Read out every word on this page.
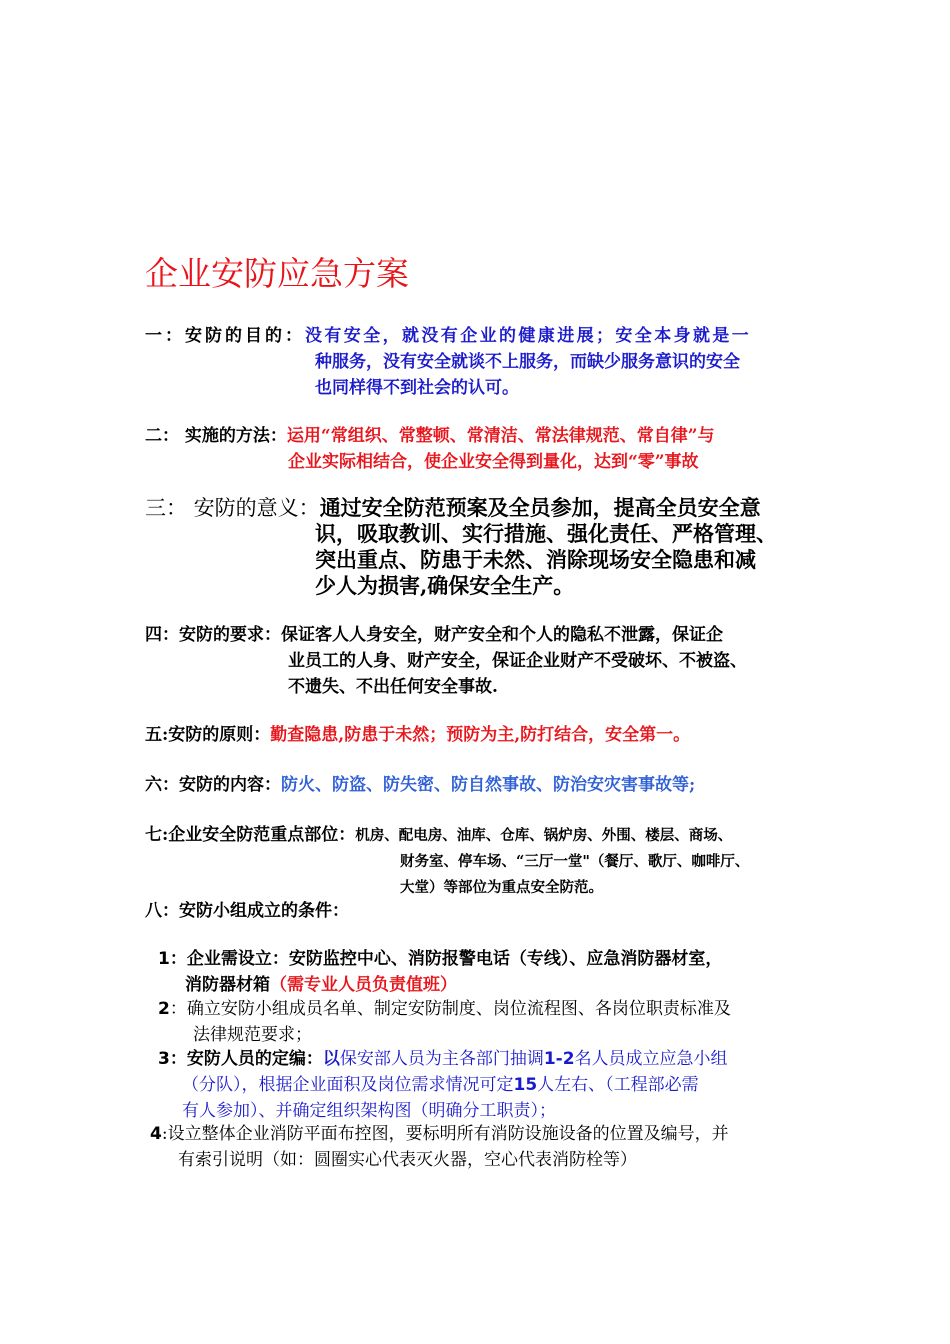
企业安防应急方案
一：安防的目的：没有安全，就没有企业的健康进展；安全本身就是一
种服务，没有安全就谈不上服务，而缺少服务意识的安全
也同样得不到社会的认可。
二： 实施的方法：运用“常组织、常整顿、常清洁、常法律规范、常自律”与
企业实际相结合，使企业安全得到量化，达到“零”事故
三： 安防的意义：通过安全防范预案及全员参加，提高全员安全意
识，吸取教训、实行措施、强化责任、严格管理、
突出重点、防患于未然、消除现场安全隐患和减
少人为损害,确保安全生产。
四：安防的要求：保证客人人身安全，财产安全和个人的隐私不泄露，保证企
业员工的人身、财产安全，保证企业财产不受破坏、不被盗、
不遗失、不出任何安全事故.
五:安防的原则：勤查隐患,防患于未然；预防为主,防打结合，安全第一。
六：安防的内容：防火、防盗、防失密、防自然事故、防治安灾害事故等;
七:企业安全防范重点部位：机房、配电房、油库、仓库、锅炉房、外围、楼层、商场、
财务室、停车场、“三厅一堂"（餐厅、歌厅、咖啡厅、
大堂）等部位为重点安全防范。
八：安防小组成立的条件：
1：企业需设立：安防监控中心、消防报警电话（专线）、应急消防器材室，
消防器材箱（需专业人员负责值班）
2：确立安防小组成员名单、制定安防制度、岗位流程图、各岗位职责标准及
法律规范要求；
3：安防人员的定编：以保安部人员为主各部门抽调1-2名人员成立应急小组
（分队），根据企业面积及岗位需求情况可定15人左右、（工程部必需
有人参加）、并确定组织架构图（明确分工职责）；
4:设立整体企业消防平面布控图，要标明所有消防设施设备的位置及编号，并
有索引说明（如：圆圈实心代表灭火器，空心代表消防栓等）
